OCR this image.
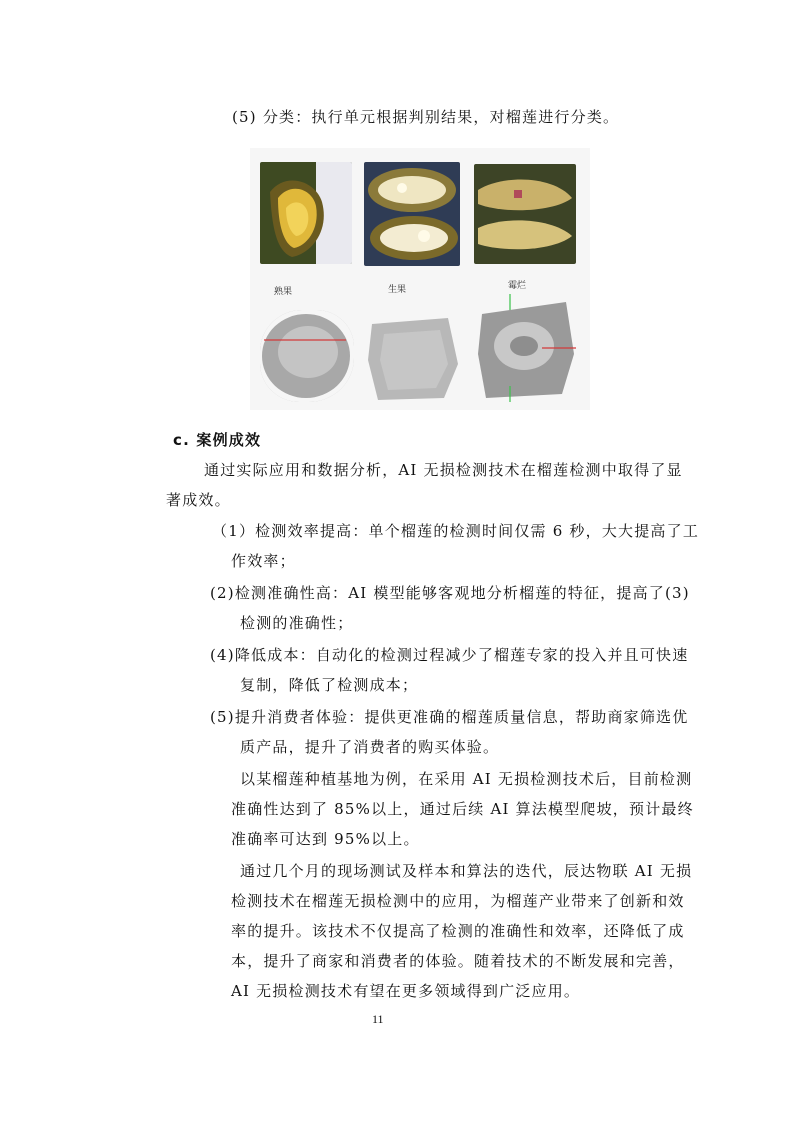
(5) 分类：执行单元根据判别结果，对榴莲进行分类。
熟果	生果	霉烂
c. 案例成效
通过实际应用和数据分析，AI 无损检测技术在榴莲检测中取得了显
著成效。
（1）检测效率提高：单个榴莲的检测时间仅需 6 秒，大大提高了工
作效率；
(2)检测准确性高：AI 模型能够客观地分析榴莲的特征，提高了(3)
检测的准确性；
(4)降低成本：自动化的检测过程减少了榴莲专家的投入并且可快速
复制，降低了检测成本；
(5)提升消费者体验：提供更准确的榴莲质量信息，帮助商家筛选优
质产品，提升了消费者的购买体验。
以某榴莲种植基地为例，在采用 AI 无损检测技术后，目前检测
准确性达到了 85%以上，通过后续 AI 算法模型爬坡，预计最终
准确率可达到 95%以上。
通过几个月的现场测试及样本和算法的迭代，辰达物联 AI 无损
检测技术在榴莲无损检测中的应用，为榴莲产业带来了创新和效
率的提升。该技术不仅提高了检测的准确性和效率，还降低了成
本，提升了商家和消费者的体验。随着技术的不断发展和完善，
AI 无损检测技术有望在更多领域得到广泛应用。
11
